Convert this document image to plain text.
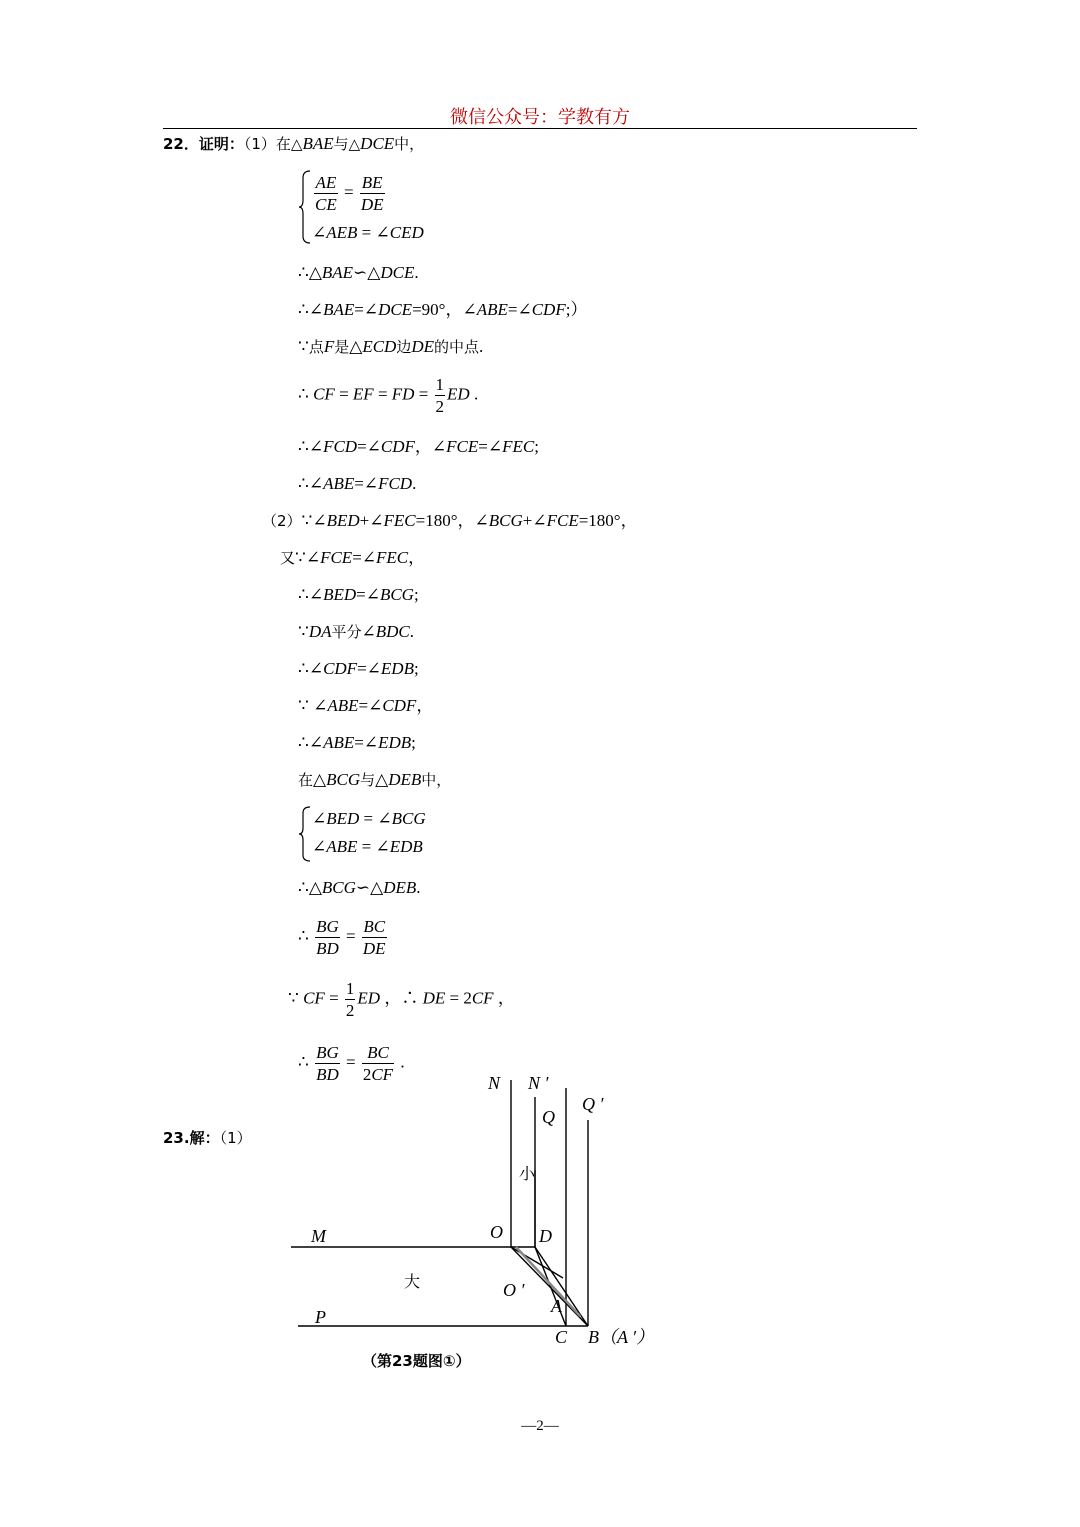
微信公众号：学教有方
22．证明：（1）在△BAE与△DCE中，
$\frac{AE}{CE} = \frac{BE}{DE}$
∠AEB = ∠CED
∴△BAE∽△DCE.
∴∠BAE=∠DCE=90°，∠ABE=∠CDF;）
∵点F是△ECD边DE的中点.
∴ CF = EF = FD = $\frac{1}{2}$ ED .
∴∠FCD=∠CDF，∠FCE=∠FEC;
∴∠ABE=∠FCD.
（2）∵∠BED+∠FEC=180°，∠BCG+∠FCE=180°，
又∵∠FCE=∠FEC，
∴∠BED=∠BCG;
∵DA平分∠BDC.
∴∠CDF=∠EDB;
∵ ∠ABE=∠CDF，
∴∠ABE=∠EDB;
在△BCG与△DEB中，
∠BED = ∠BCG
∠ABE = ∠EDB
∴△BCG∽△DEB.
∴ $\frac{BG}{BD} = \frac{BC}{DE}$
∵ CF = $\frac{1}{2}$ ED ，∴ DE = 2CF ，
∴ $\frac{BG}{BD} = \frac{BC}{2CF}$ .
23.解：（1）
N N ′
Q
Q ′
M	O D
O ′
A
P
C B（A ′）
小
大
（第23题图①）
—2—
